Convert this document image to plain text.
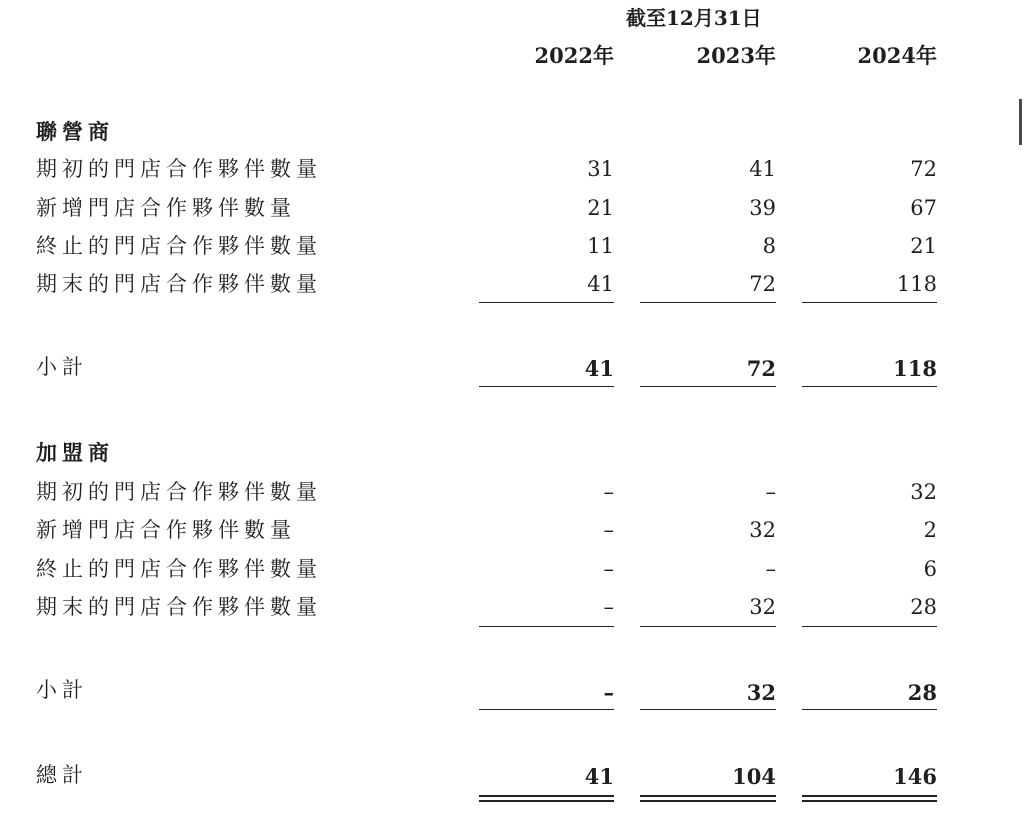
截至12月31日
2022年	2023年	2024年
聯營商
期初的門店合作夥伴數量	31	41	72
新增門店合作夥伴數量	21	39	67
終止的門店合作夥伴數量	11	8	21
期末的門店合作夥伴數量	41	72	118
小計	41	72	118
加盟商
期初的門店合作夥伴數量	–	–	32
新增門店合作夥伴數量	–	32	2
終止的門店合作夥伴數量	–	–	6
期末的門店合作夥伴數量	–	32	28
小計	–	32	28
總計	41	104	146
